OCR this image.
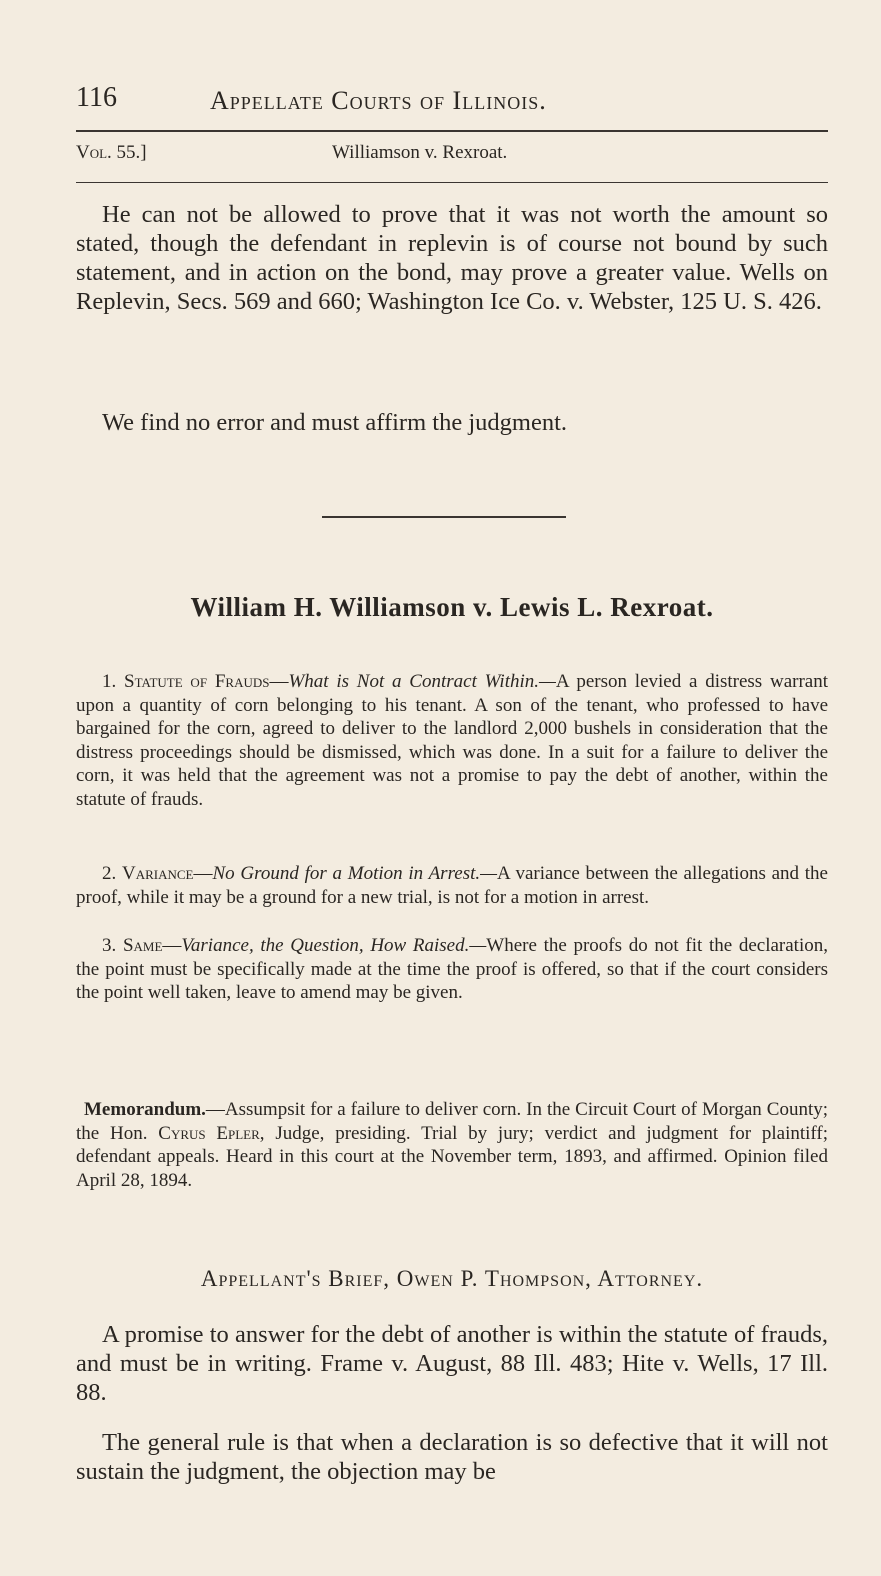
116	Appellate Courts of Illinois.
Vol. 55.]	Williamson v. Rexroat.

He can not be allowed to prove that it was not worth the amount so stated, though the defendant in replevin is of course not bound by such statement, and in action on the bond, may prove a greater value. Wells on Replevin, Secs. 569 and 660; Washington Ice Co. v. Webster, 125 U. S. 426.

We find no error and must affirm the judgment.

William H. Williamson v. Lewis L. Rexroat.

1. Statute of Frauds—What is Not a Contract Within.—A person levied a distress warrant upon a quantity of corn belonging to his tenant. A son of the tenant, who professed to have bargained for the corn, agreed to deliver to the landlord 2,000 bushels in consideration that the distress proceedings should be dismissed, which was done. In a suit for a failure to deliver the corn, it was held that the agreement was not a promise to pay the debt of another, within the statute of frauds.

2. Variance—No Ground for a Motion in Arrest.—A variance between the allegations and the proof, while it may be a ground for a new trial, is not for a motion in arrest.

3. Same—Variance, the Question, How Raised.—Where the proofs do not fit the declaration, the point must be specifically made at the time the proof is offered, so that if the court considers the point well taken, leave to amend may be given.

Memorandum.—Assumpsit for a failure to deliver corn. In the Circuit Court of Morgan County; the Hon. Cyrus Epler, Judge, presiding. Trial by jury; verdict and judgment for plaintiff; defendant appeals. Heard in this court at the November term, 1893, and affirmed. Opinion filed April 28, 1894.

Appellant's Brief, Owen P. Thompson, Attorney.

A promise to answer for the debt of another is within the statute of frauds, and must be in writing. Frame v. August, 88 Ill. 483; Hite v. Wells, 17 Ill. 88.

The general rule is that when a declaration is so defective that it will not sustain the judgment, the objection may be
